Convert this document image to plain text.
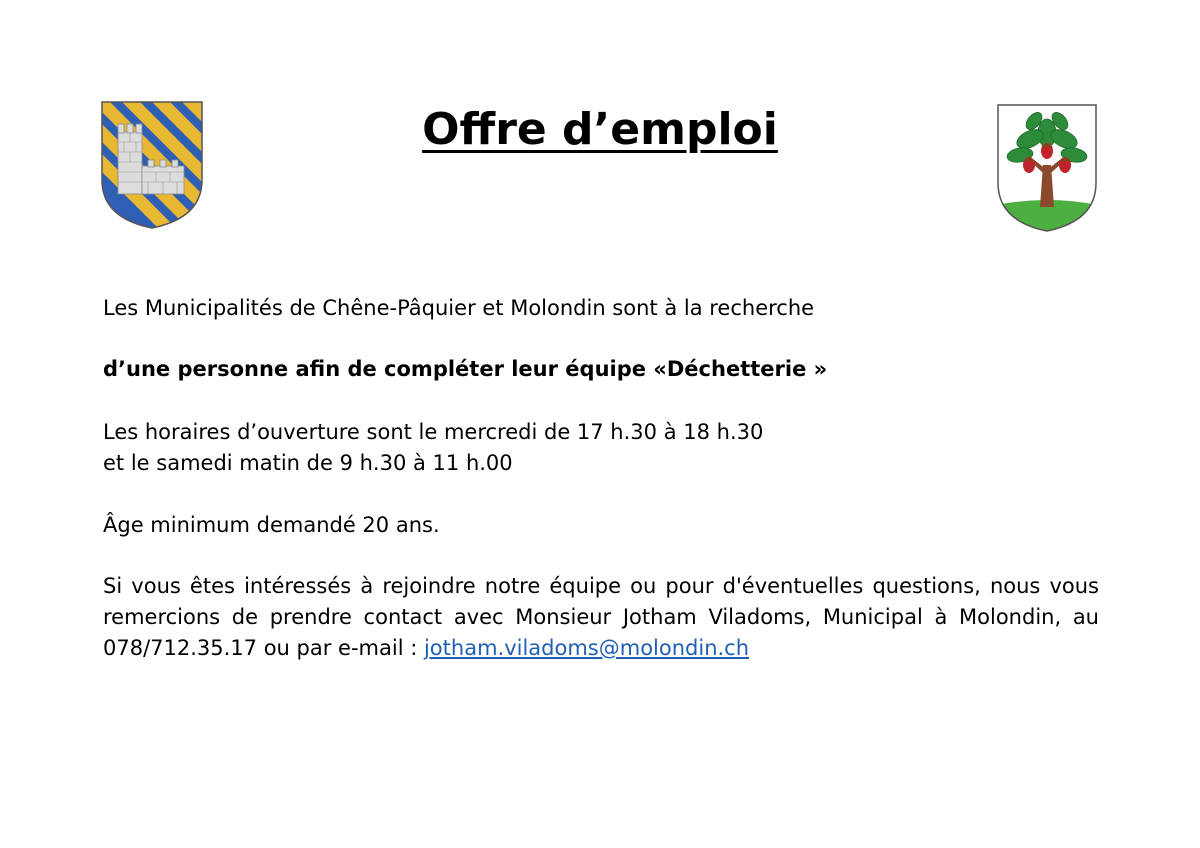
Offre d’emploi

Les Municipalités de Chêne-Pâquier et Molondin sont à la recherche

d’une personne afin de compléter leur équipe «Déchetterie »

Les horaires d’ouverture sont le mercredi de 17 h.30 à 18 h.30
et le samedi matin de 9 h.30 à 11 h.00

Âge minimum demandé 20 ans.

Si vous êtes intéressés à rejoindre notre équipe ou pour d'éventuelles questions, nous vous remercions de prendre contact avec Monsieur Jotham Viladoms, Municipal à Molondin, au 078/712.35.17 ou par e-mail : jotham.viladoms@molondin.ch
